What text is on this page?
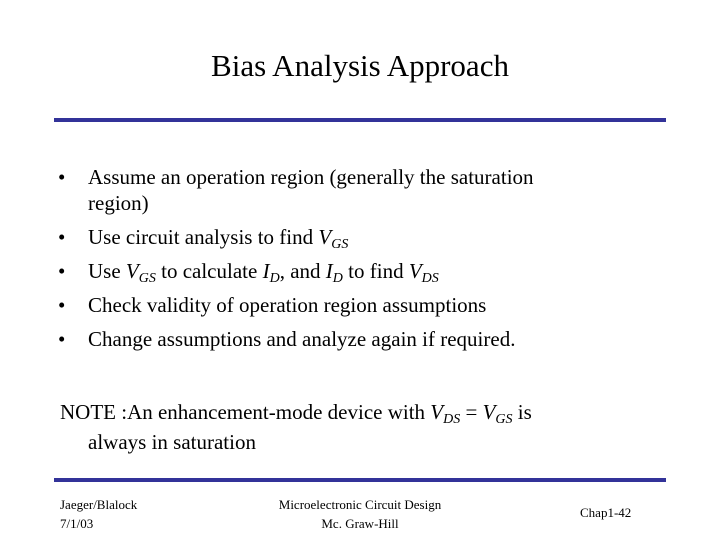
Bias Analysis Approach
• Assume an operation region (generally the saturation
region)
• Use circuit analysis to find $V_{GS}$
• Use $V_{GS}$ to calculate $I_D$, and $I_D$ to find $V_{DS}$
• Check validity of operation region assumptions
• Change assumptions and analyze again if required.
NOTE :An enhancement-mode device with $V_{DS} = V_{GS}$ is
always in saturation
Jaeger/Blalock
7/1/03
Microelectronic Circuit Design
Mc. Graw-Hill
Chap1-42
